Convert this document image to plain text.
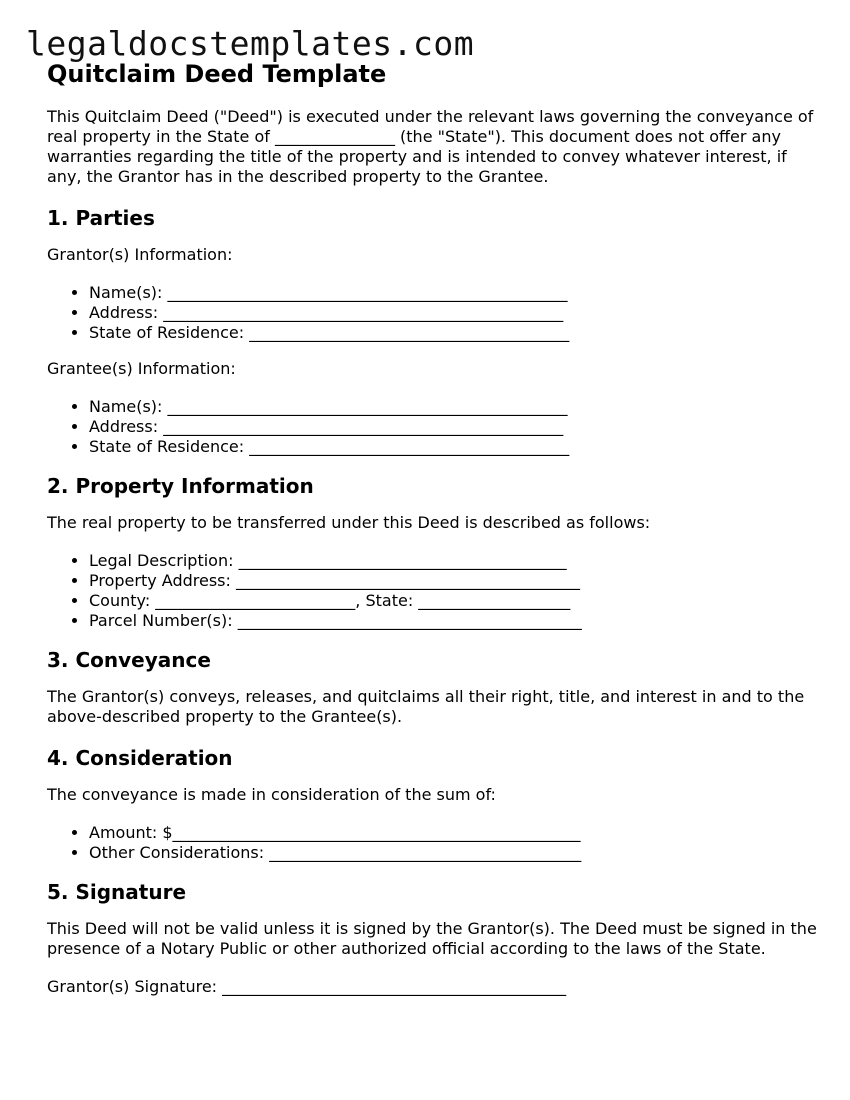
legaldocstemplates.com
Quitclaim Deed Template

This Quitclaim Deed ("Deed") is executed under the relevant laws governing the conveyance of real property in the State of _______________ (the "State"). This document does not offer any warranties regarding the title of the property and is intended to convey whatever interest, if any, the Grantor has in the described property to the Grantee.

1. Parties

Grantor(s) Information:

• Name(s): __________________________________________________
• Address: __________________________________________________
• State of Residence: ________________________________________

Grantee(s) Information:

• Name(s): __________________________________________________
• Address: __________________________________________________
• State of Residence: ________________________________________
2. Property Information

The real property to be transferred under this Deed is described as follows:

• Legal Description: _________________________________________
• Property Address: ___________________________________________
• County: _________________________, State: ___________________
• Parcel Number(s): ___________________________________________
3. Conveyance

The Grantor(s) conveys, releases, and quitclaims all their right, title, and interest in and to the above-described property to the Grantee(s).

4. Consideration

The conveyance is made in consideration of the sum of:

• Amount: $___________________________________________________
• Other Considerations: _______________________________________
5. Signature

This Deed will not be valid unless it is signed by the Grantor(s). The Deed must be signed in the presence of a Notary Public or other authorized official according to the laws of the State.

Grantor(s) Signature: ___________________________________________
